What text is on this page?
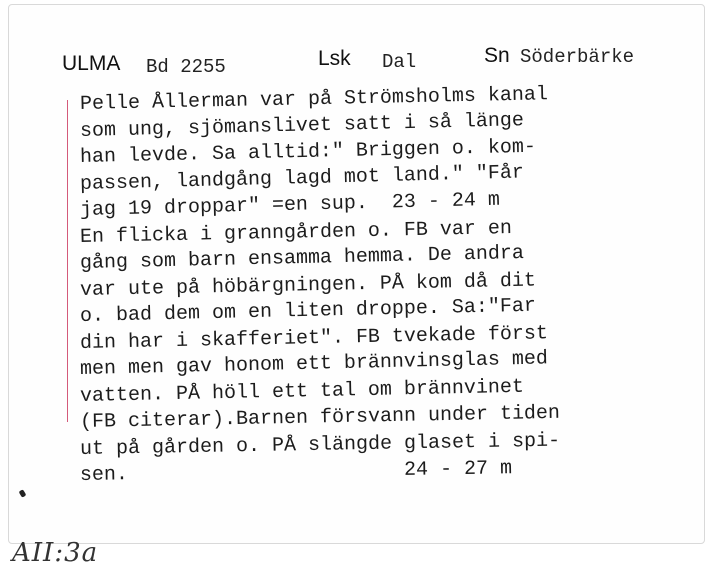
ULMA Bd 2255	Lsk Dal	Sn Söderbärke
Pelle Ållerman var på Strömsholms kanal
som ung, sjömanslivet satt i så länge
han levde. Sa alltid:" Briggen o. kom-
passen, landgång lagd mot land." "Får
jag 19 droppar" =en sup.  23 - 24 m
En flicka i granngården o. FB var en
gång som barn ensamma hemma. De andra
var ute på höbärgningen. PÅ kom då dit
o. bad dem om en liten droppe. Sa:"Far
din har i skafferiet". FB tvekade först
men men gav honom ett brännvinsglas med
vatten. PÅ höll ett tal om brännvinet
(FB citerar).Barnen försvann under tiden
ut på gården o. PÅ slängde glaset i spi-
sen.                       24 - 27 m
AII:3a
